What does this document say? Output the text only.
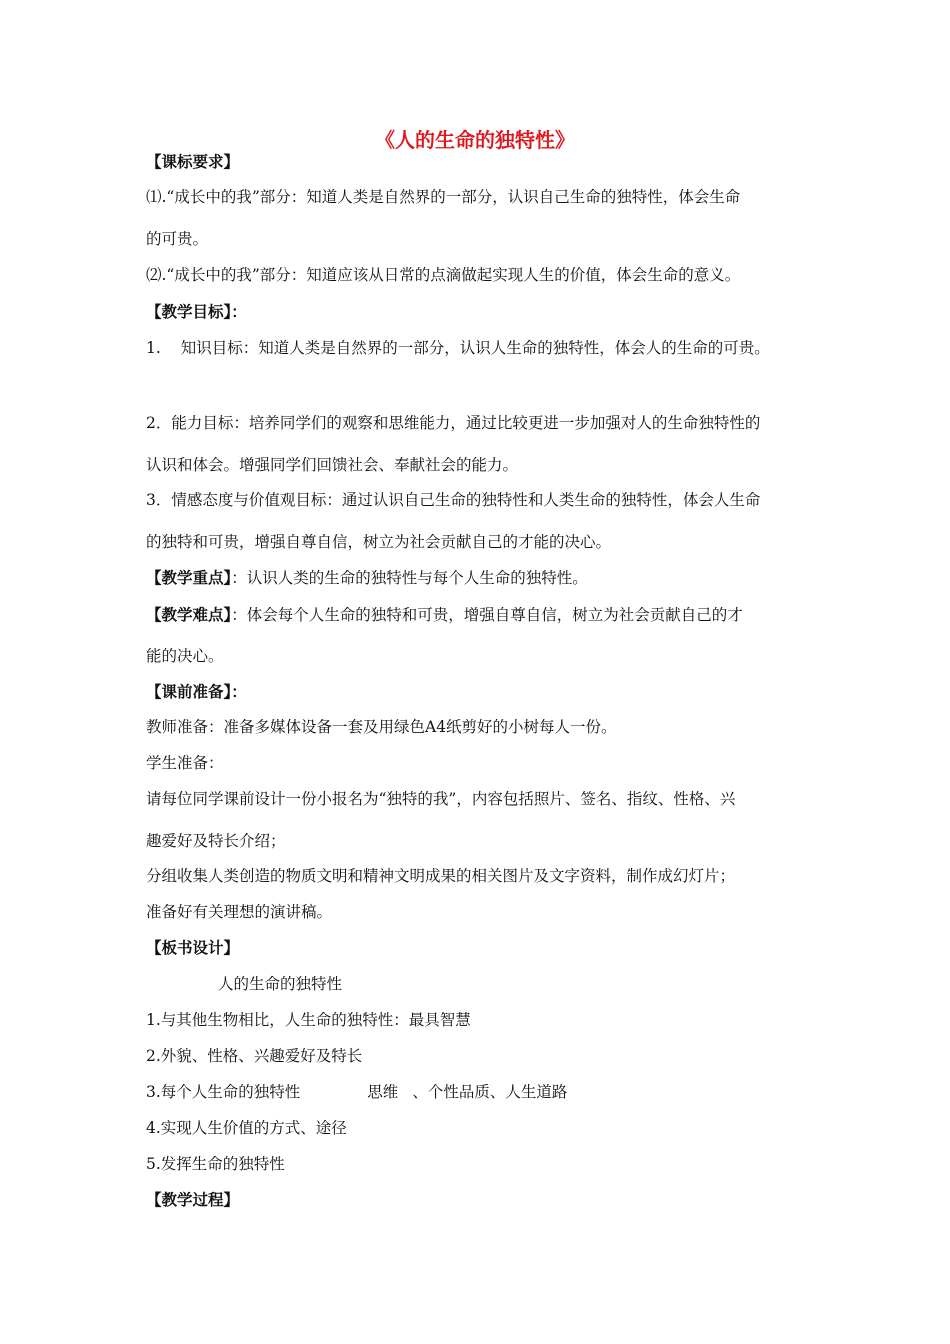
《人的生命的独特性》
【课标要求】
⑴.“成长中的我”部分：知道人类是自然界的一部分，认识自己生命的独特性，体会生命
的可贵。
⑵.“成长中的我”部分：知道应该从日常的点滴做起实现人生的价值，体会生命的意义。
【教学目标】：
1. 知识目标：知道人类是自然界的一部分，认识人生命的独特性，体会人的生命的可贵。
2．能力目标：培养同学们的观察和思维能力，通过比较更进一步加强对人的生命独特性的
认识和体会。增强同学们回馈社会、奉献社会的能力。
3．情感态度与价值观目标：通过认识自己生命的独特性和人类生命的独特性，体会人生命
的独特和可贵，增强自尊自信，树立为社会贡献自己的才能的决心。
【教学重点】：认识人类的生命的独特性与每个人生命的独特性。
【教学难点】：体会每个人生命的独特和可贵，增强自尊自信，树立为社会贡献自己的才
能的决心。
【课前准备】：
教师准备：准备多媒体设备一套及用绿色A4纸剪好的小树每人一份。
学生准备：
请每位同学课前设计一份小报名为“独特的我”，内容包括照片、签名、指纹、性格、兴
趣爱好及特长介绍；
分组收集人类创造的物质文明和精神文明成果的相关图片及文字资料，制作成幻灯片；
准备好有关理想的演讲稿。
【板书设计】
人的生命的独特性
1.与其他生物相比，人生命的独特性：最具智慧
2.外貌、性格、兴趣爱好及特长
3.每个人生命的独特性	思维 、个性品质、人生道路
4.实现人生价值的方式、途径
5.发挥生命的独特性
【教学过程】
